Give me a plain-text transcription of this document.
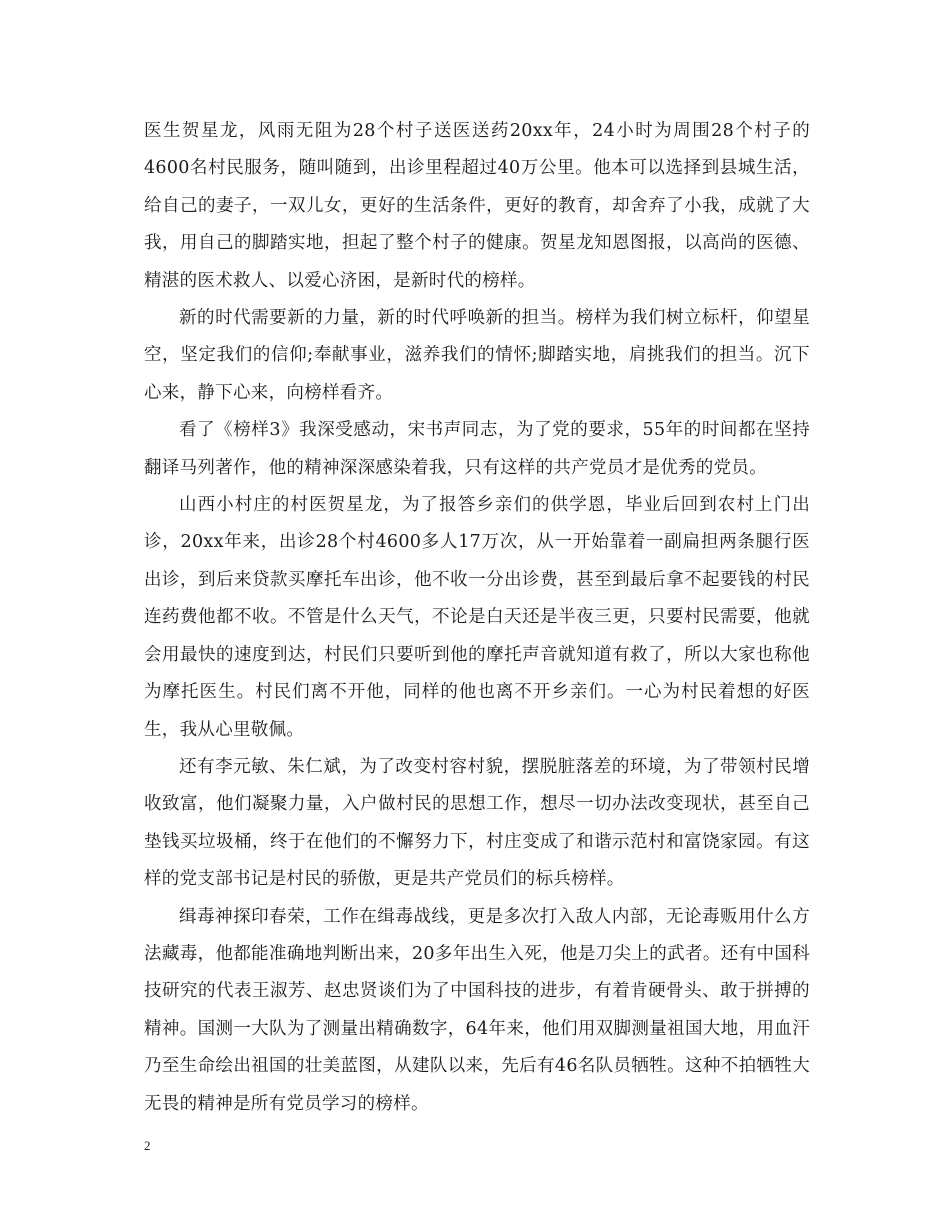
医生贺星龙，风雨无阻为28个村子送医送药20xx年，24小时为周围28个村子的4600名村民服务，随叫随到，出诊里程超过40万公里。他本可以选择到县城生活，给自己的妻子，一双儿女，更好的生活条件，更好的教育，却舍弃了小我，成就了大我，用自己的脚踏实地，担起了整个村子的健康。贺星龙知恩图报，以高尚的医德、精湛的医术救人、以爱心济困，是新时代的榜样。

新的时代需要新的力量，新的时代呼唤新的担当。榜样为我们树立标杆，仰望星空，坚定我们的信仰;奉献事业，滋养我们的情怀;脚踏实地，肩挑我们的担当。沉下心来，静下心来，向榜样看齐。

看了《榜样3》我深受感动，宋书声同志，为了党的要求，55年的时间都在坚持翻译马列著作，他的精神深深感染着我，只有这样的共产党员才是优秀的党员。

山西小村庄的村医贺星龙，为了报答乡亲们的供学恩，毕业后回到农村上门出诊，20xx年来，出诊28个村4600多人17万次，从一开始靠着一副扁担两条腿行医出诊，到后来贷款买摩托车出诊，他不收一分出诊费，甚至到最后拿不起要钱的村民连药费他都不收。不管是什么天气，不论是白天还是半夜三更，只要村民需要，他就会用最快的速度到达，村民们只要听到他的摩托声音就知道有救了，所以大家也称他为摩托医生。村民们离不开他，同样的他也离不开乡亲们。一心为村民着想的好医生，我从心里敬佩。

还有李元敏、朱仁斌，为了改变村容村貌，摆脱脏落差的环境，为了带领村民增收致富，他们凝聚力量，入户做村民的思想工作，想尽一切办法改变现状，甚至自己垫钱买垃圾桶，终于在他们的不懈努力下，村庄变成了和谐示范村和富饶家园。有这样的党支部书记是村民的骄傲，更是共产党员们的标兵榜样。

缉毒神探印春荣，工作在缉毒战线，更是多次打入敌人内部，无论毒贩用什么方法藏毒，他都能准确地判断出来，20多年出生入死，他是刀尖上的武者。还有中国科技研究的代表王淑芳、赵忠贤谈们为了中国科技的进步，有着肯硬骨头、敢于拼搏的精神。国测一大队为了测量出精确数字，64年来，他们用双脚测量祖国大地，用血汗乃至生命绘出祖国的壮美蓝图，从建队以来，先后有46名队员牺牲。这种不拍牺牲大无畏的精神是所有党员学习的榜样。

2
